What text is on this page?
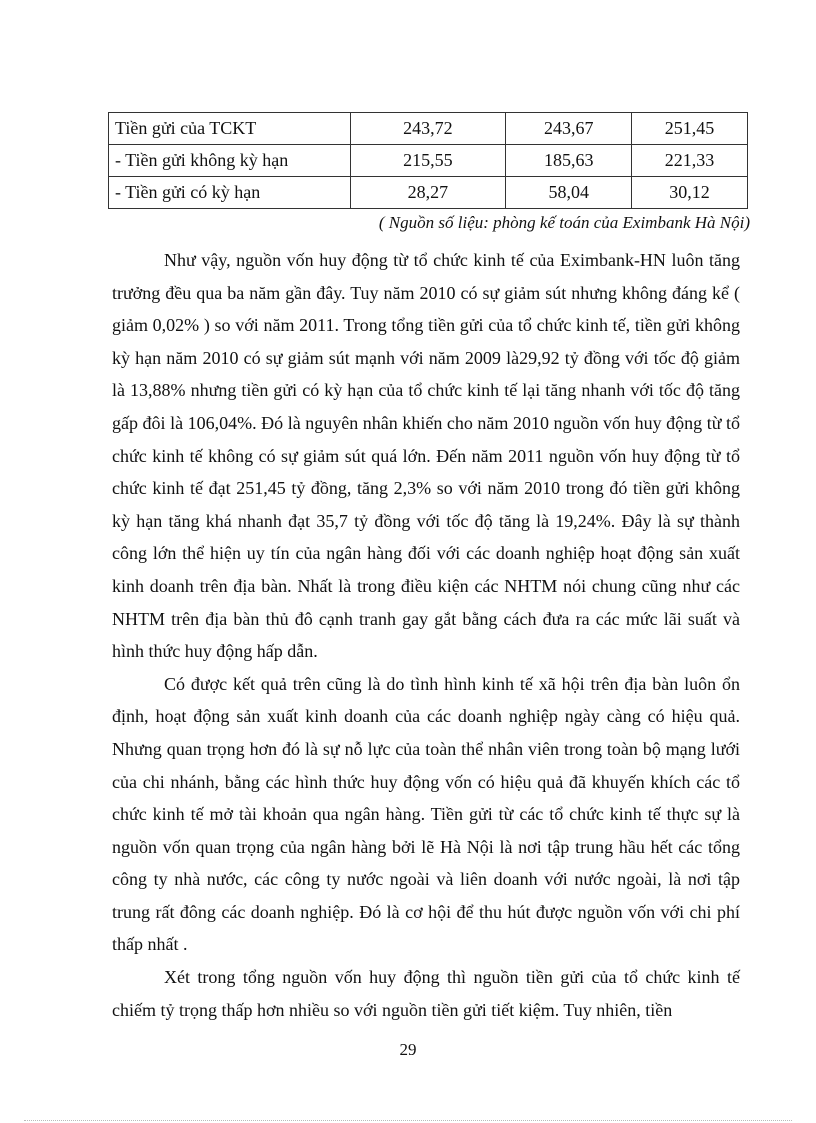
Tiền gửi của TCKT	243,72	243,67	251,45
- Tiền gửi không kỳ hạn	215,55	185,63	221,33
- Tiền gửi có kỳ hạn	28,27	58,04	30,12
( Nguồn số liệu: phòng kế toán của Eximbank Hà Nội)

Như vậy, nguồn vốn huy động từ tổ chức kinh tế của Eximbank-HN luôn tăng trưởng đều qua ba năm gần đây. Tuy năm 2010 có sự giảm sút nhưng không đáng kể ( giảm 0,02% ) so với năm 2011. Trong tổng tiền gửi của tổ chức kinh tế, tiền gửi không kỳ hạn năm 2010 có sự giảm sút mạnh với năm 2009 là29,92 tỷ đồng với tốc độ giảm là 13,88% nhưng tiền gửi có kỳ hạn của tổ chức kinh tế lại tăng nhanh với tốc độ tăng gấp đôi là 106,04%. Đó là nguyên nhân khiến cho năm 2010 nguồn vốn huy động từ tổ chức kinh tế không có sự giảm sút quá lớn. Đến năm 2011 nguồn vốn huy động từ tổ chức kinh tế đạt 251,45 tỷ đồng, tăng 2,3% so với năm 2010 trong đó tiền gửi không kỳ hạn tăng khá nhanh đạt 35,7 tỷ đồng với tốc độ tăng là 19,24%. Đây là sự thành công lớn thể hiện uy tín của ngân hàng đối với các doanh nghiệp hoạt động sản xuất kinh doanh trên địa bàn. Nhất là trong điều kiện các NHTM nói chung cũng như các NHTM trên địa bàn thủ đô cạnh tranh gay gắt bằng cách đưa ra các mức lãi suất và hình thức huy động hấp dẫn.

Có được kết quả trên cũng là do tình hình kinh tế xã hội trên địa bàn luôn ổn định, hoạt động sản xuất kinh doanh của các doanh nghiệp ngày càng có hiệu quả. Nhưng quan trọng hơn đó là sự nỗ lực của toàn thể nhân viên trong toàn bộ mạng lưới của chi nhánh, bằng các hình thức huy động vốn có hiệu quả đã khuyến khích các tổ chức kinh tế mở tài khoản qua ngân hàng. Tiền gửi từ các tổ chức kinh tế thực sự là nguồn vốn quan trọng của ngân hàng bởi lẽ Hà Nội là nơi tập trung hầu hết các tổng công ty nhà nước, các công ty nước ngoài và liên doanh với nước ngoài, là nơi tập trung rất đông các doanh nghiệp. Đó là cơ hội để thu hút được nguồn vốn với chi phí thấp nhất .

Xét trong tổng nguồn vốn huy động thì nguồn tiền gửi của tổ chức kinh tế chiếm tỷ trọng thấp hơn nhiều so với nguồn tiền gửi tiết kiệm. Tuy nhiên, tiền

29
